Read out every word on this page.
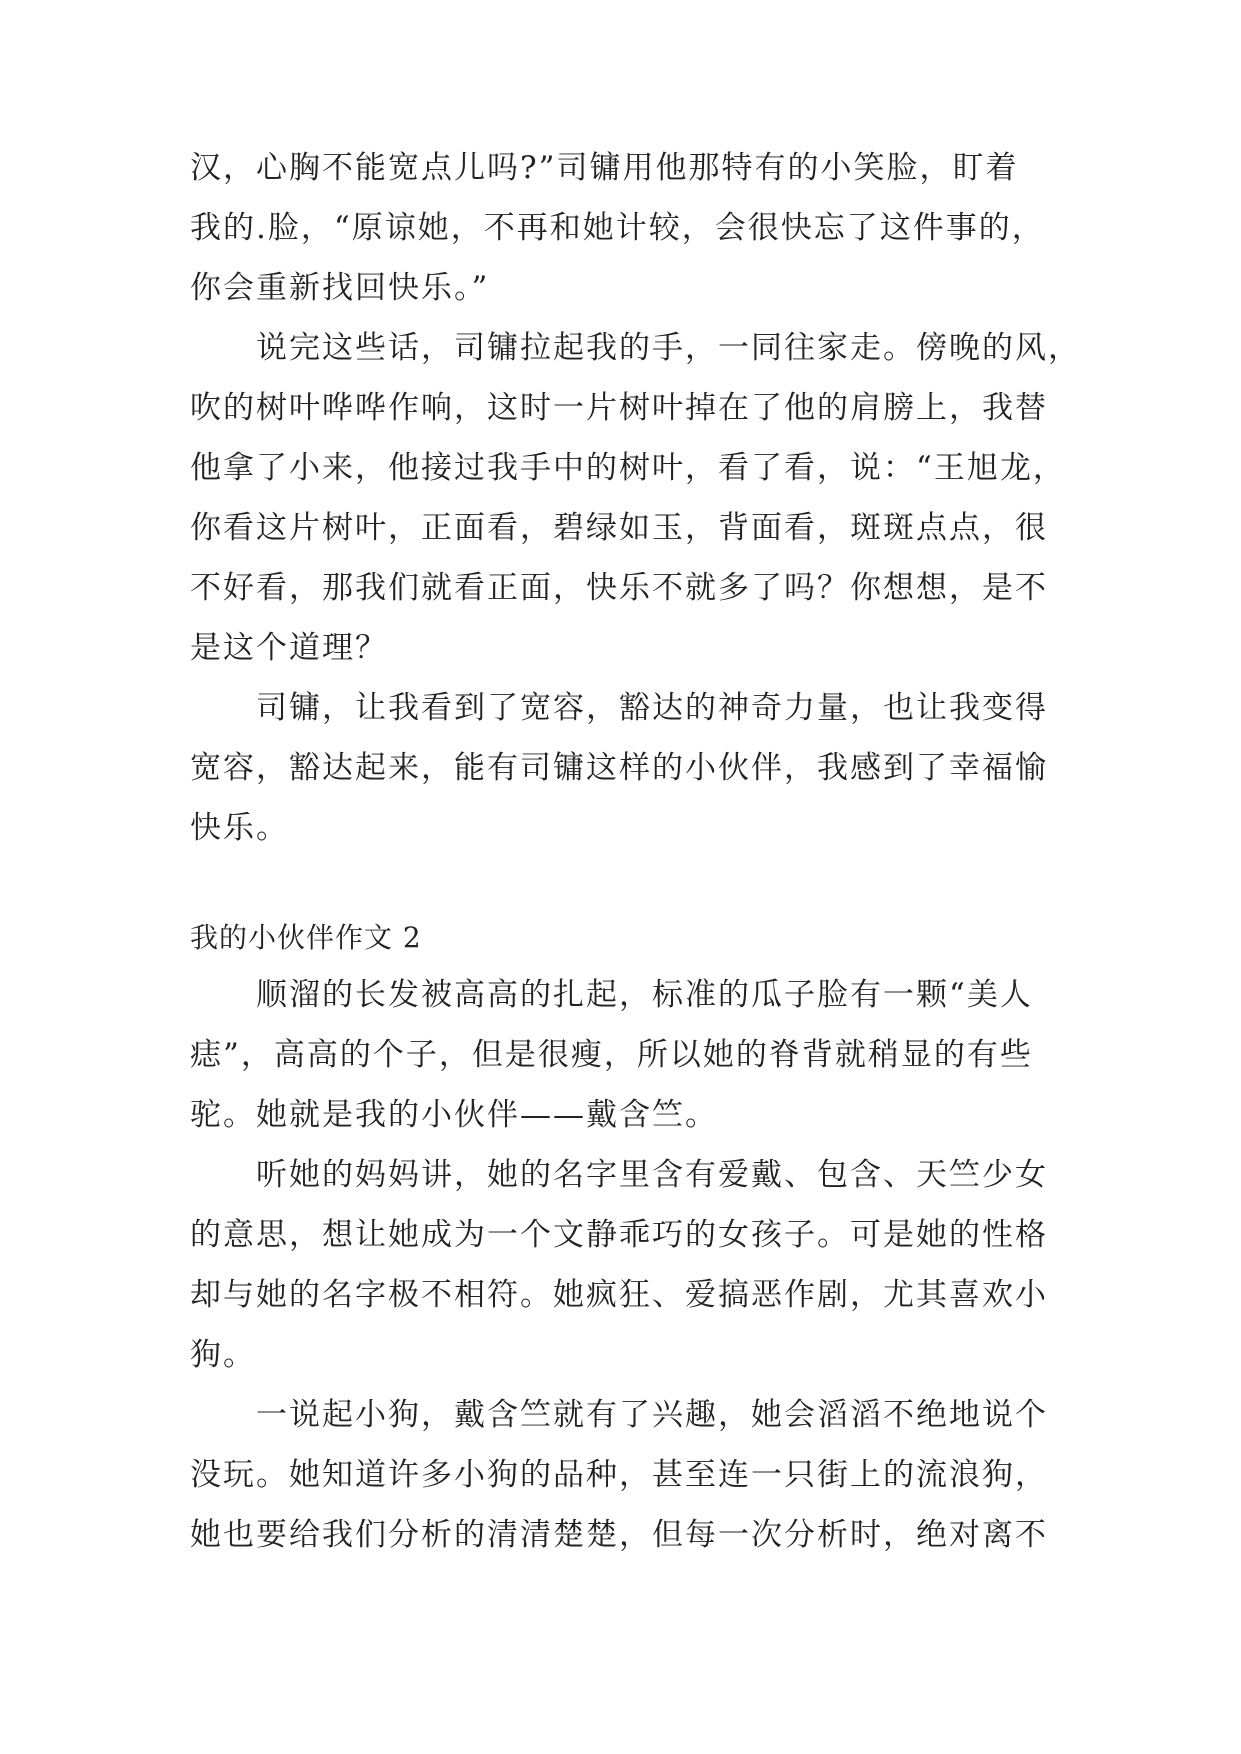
汉，心胸不能宽点儿吗?”司镛用他那特有的小笑脸，盯着
我的.脸，“原谅她，不再和她计较，会很快忘了这件事的，
你会重新找回快乐。”
说完这些话，司镛拉起我的手，一同往家走。傍晚的风，
吹的树叶哗哗作响，这时一片树叶掉在了他的肩膀上，我替
他拿了小来，他接过我手中的树叶，看了看，说：“王旭龙，
你看这片树叶，正面看，碧绿如玉，背面看，斑斑点点，很
不好看，那我们就看正面，快乐不就多了吗？你想想，是不
是这个道理？
司镛，让我看到了宽容，豁达的神奇力量，也让我变得
宽容，豁达起来，能有司镛这样的小伙伴，我感到了幸福愉
快乐。
我的小伙伴作文 2
顺溜的长发被高高的扎起，标准的瓜子脸有一颗“美人
痣”，高高的个子，但是很瘦，所以她的脊背就稍显的有些
驼。她就是我的小伙伴——戴含竺。
听她的妈妈讲，她的名字里含有爱戴、包含、天竺少女
的意思，想让她成为一个文静乖巧的女孩子。可是她的性格
却与她的名字极不相符。她疯狂、爱搞恶作剧，尤其喜欢小
狗。
一说起小狗，戴含竺就有了兴趣，她会滔滔不绝地说个
没玩。她知道许多小狗的品种，甚至连一只街上的流浪狗，
她也要给我们分析的清清楚楚，但每一次分析时，绝对离不
